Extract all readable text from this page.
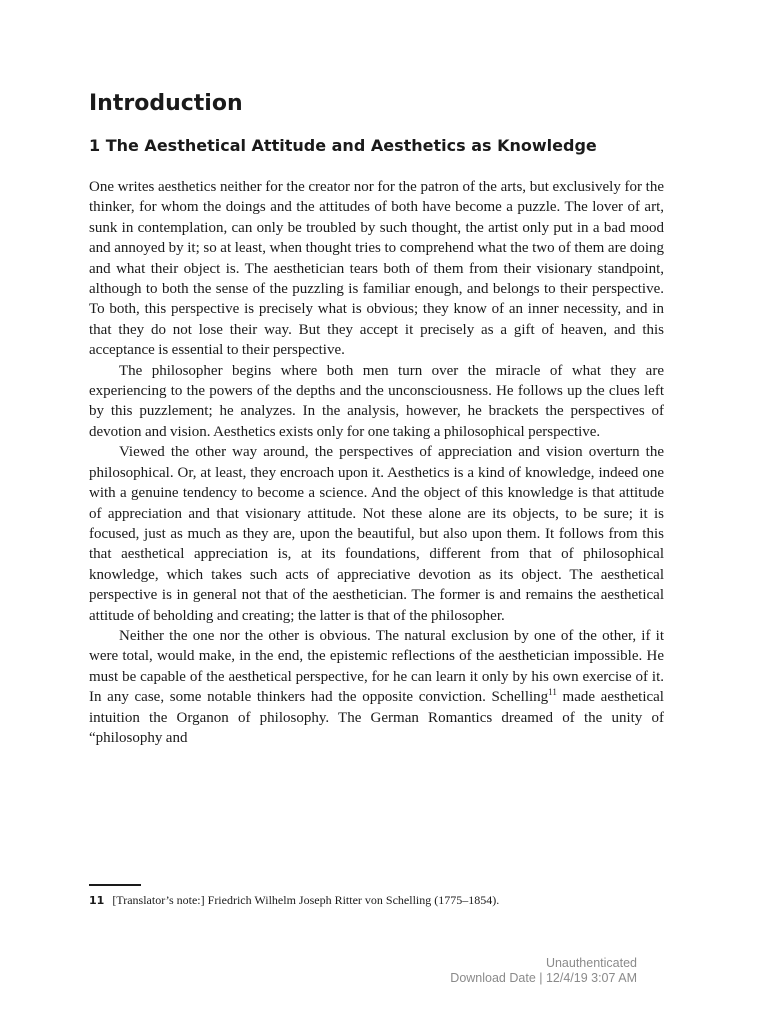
Introduction
1 The Aesthetical Attitude and Aesthetics as Knowledge

One writes aesthetics neither for the creator nor for the patron of the arts, but exclusively for the thinker, for whom the doings and the attitudes of both have become a puzzle. The lover of art, sunk in contemplation, can only be troubled by such thought, the artist only put in a bad mood and annoyed by it; so at least, when thought tries to comprehend what the two of them are doing and what their object is. The aesthetician tears both of them from their visionary standpoint, although to both the sense of the puzzling is familiar enough, and belongs to their perspective. To both, this perspective is precisely what is obvious; they know of an inner necessity, and in that they do not lose their way. But they accept it precisely as a gift of heaven, and this acceptance is essential to their perspective.

The philosopher begins where both men turn over the miracle of what they are experiencing to the powers of the depths and the unconsciousness. He follows up the clues left by this puzzlement; he analyzes. In the analysis, however, he brackets the perspectives of devotion and vision. Aesthetics exists only for one taking a philosophical perspective.

Viewed the other way around, the perspectives of appreciation and vision overturn the philosophical. Or, at least, they encroach upon it. Aesthetics is a kind of knowledge, indeed one with a genuine tendency to become a science. And the object of this knowledge is that attitude of appreciation and that visionary attitude. Not these alone are its objects, to be sure; it is focused, just as much as they are, upon the beautiful, but also upon them. It follows from this that aesthetical appreciation is, at its foundations, different from that of philosophical knowledge, which takes such acts of appreciative devotion as its object. The aesthetical perspective is in general not that of the aesthetician. The former is and remains the aesthetical attitude of beholding and creating; the latter is that of the philosopher.

Neither the one nor the other is obvious. The natural exclusion by one of the other, if it were total, would make, in the end, the epistemic reflections of the aesthetician impossible. He must be capable of the aesthetical perspective, for he can learn it only by his own exercise of it. In any case, some notable thinkers had the opposite conviction. Schelling$^{11}$ made aesthetical intuition the Organon of philosophy. The German Romantics dreamed of the unity of “philosophy and

11 [Translator’s note:] Friedrich Wilhelm Joseph Ritter von Schelling (1775–1854).
Unauthenticated
Download Date | 12/4/19 3:07 AM
